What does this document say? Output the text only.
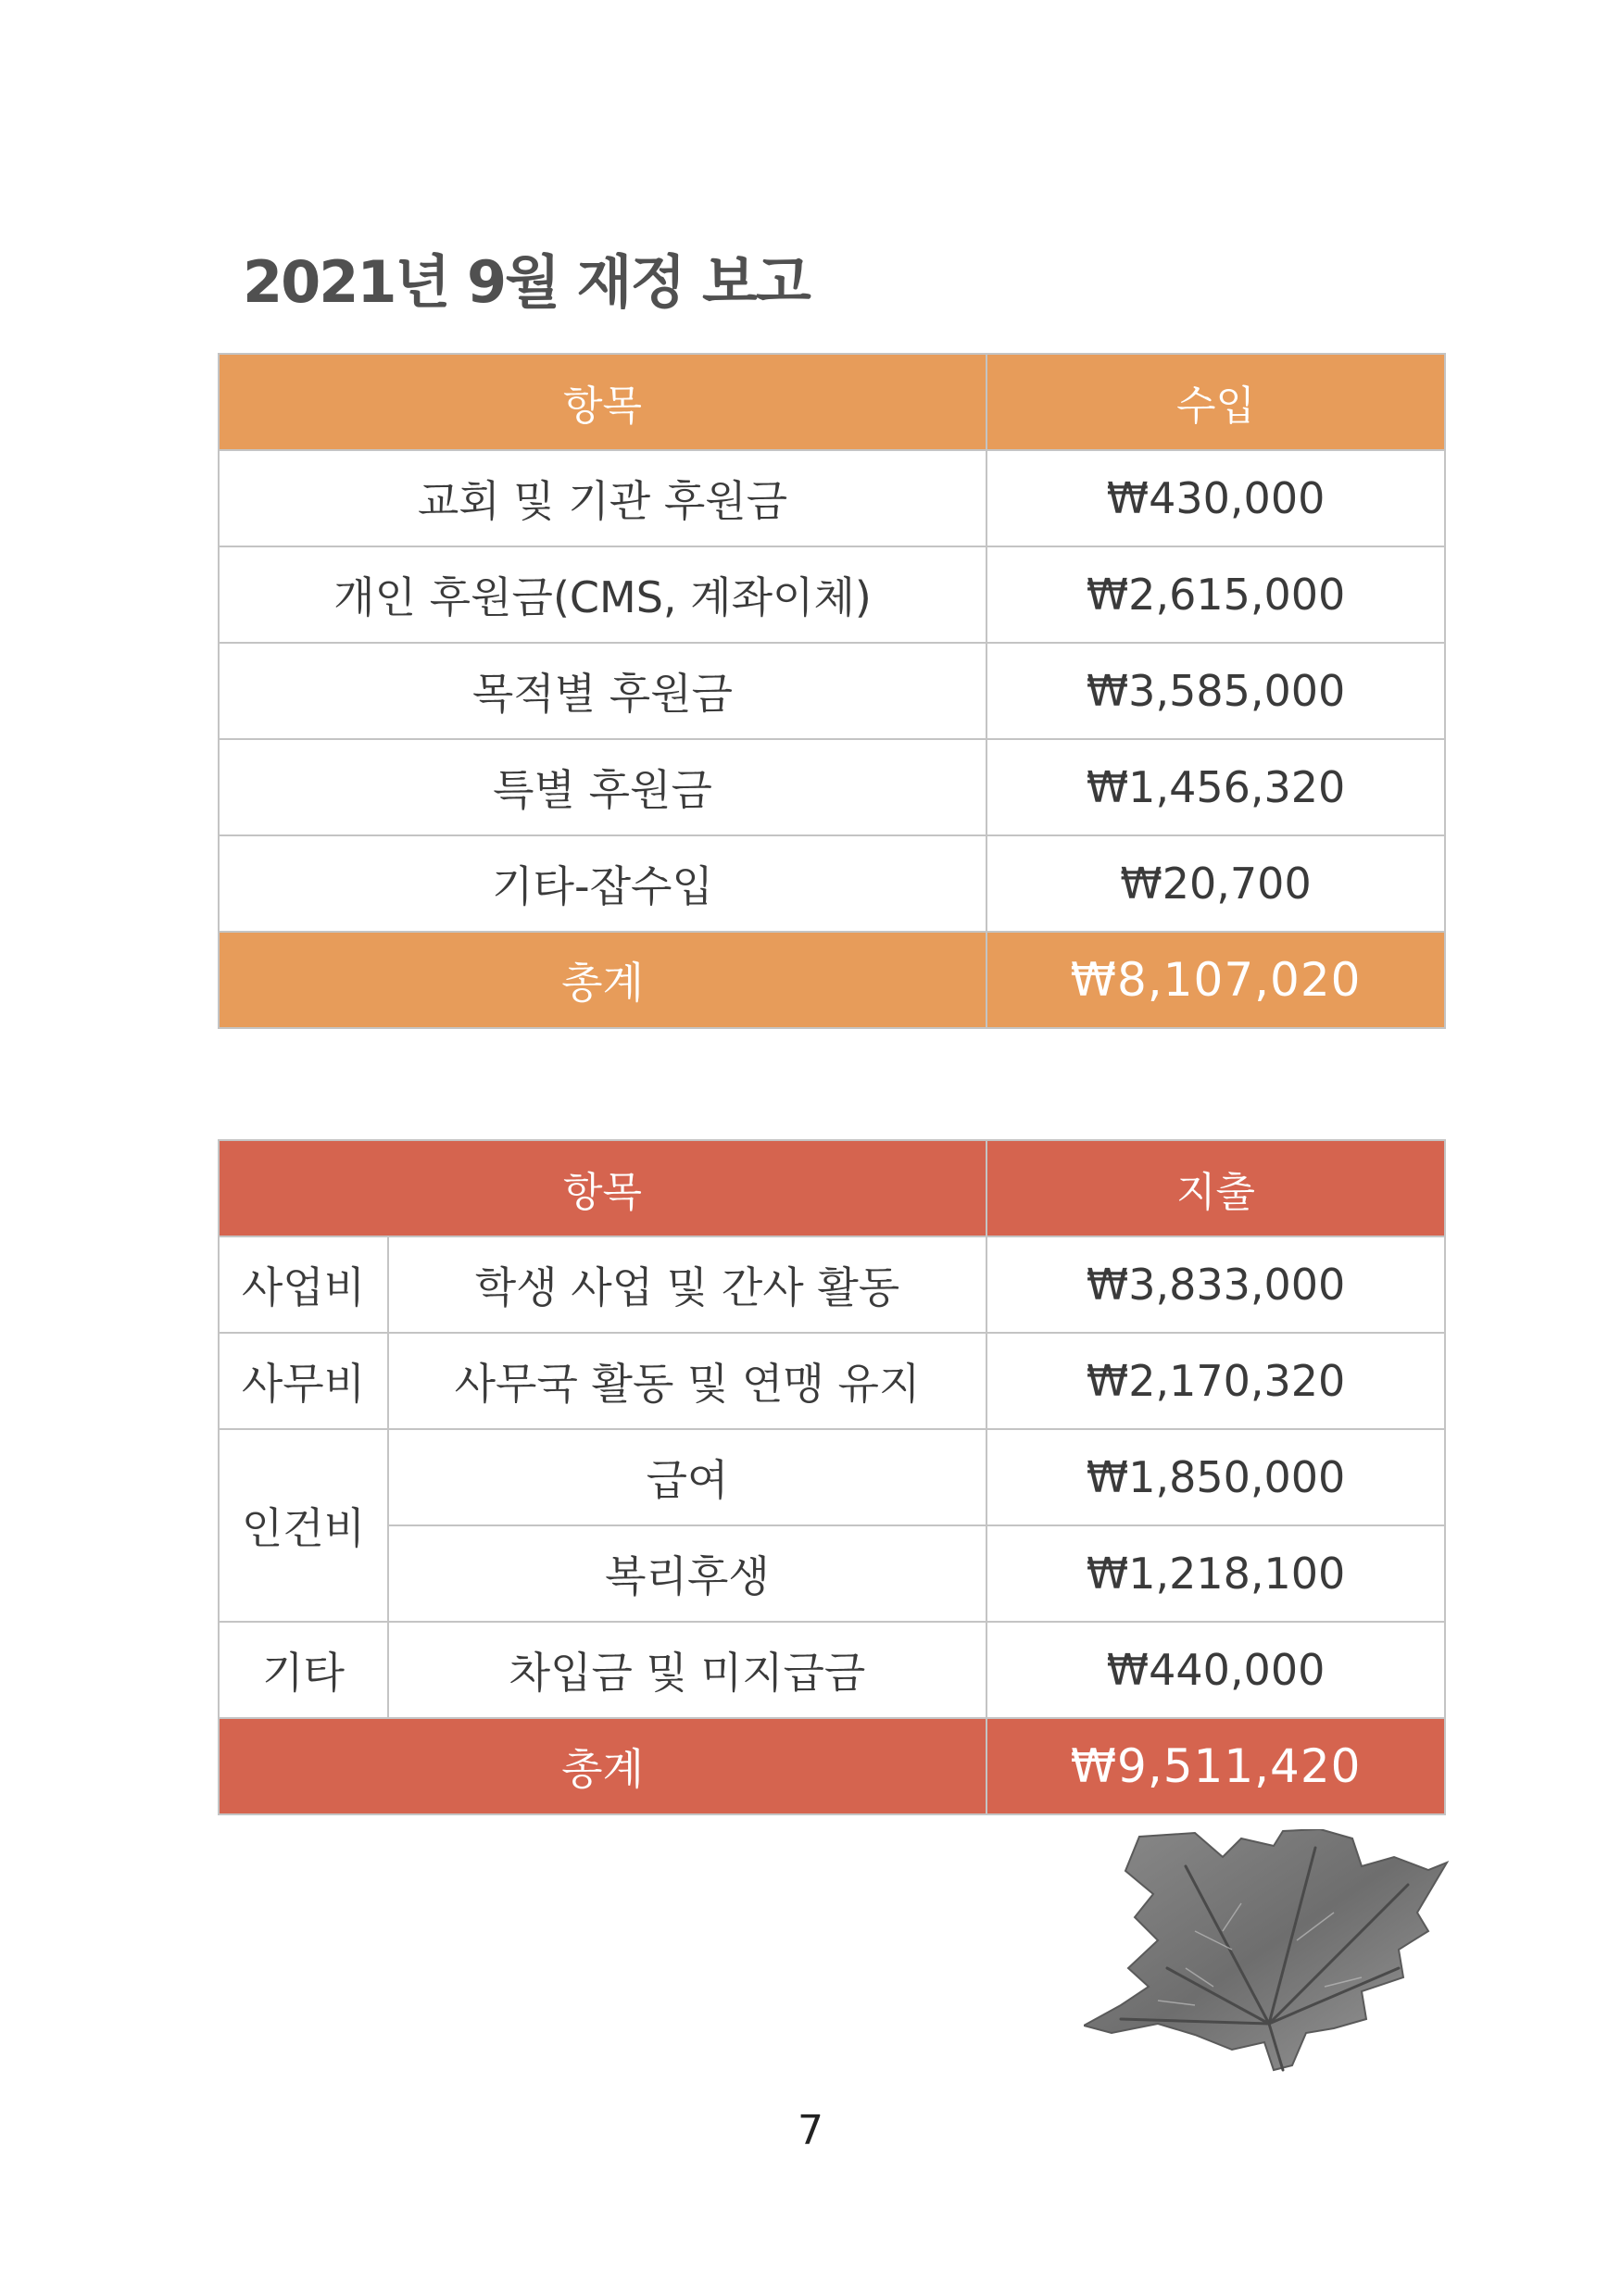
2021년 9월 재정 보고
항목	수입
교회 및 기관 후원금	₩430,000
개인 후원금(CMS, 계좌이체)	₩2,615,000
목적별 후원금	₩3,585,000
특별 후원금	₩1,456,320
기타-잡수입	₩20,700
총계	₩8,107,020
항목		지출
사업비	학생 사업 및 간사 활동	₩3,833,000
사무비	사무국 활동 및 연맹 유지	₩2,170,320
인건비	급여	₩1,850,000
	복리후생	₩1,218,100
기타	차입금 및 미지급금	₩440,000
총계		₩9,511,420
7
